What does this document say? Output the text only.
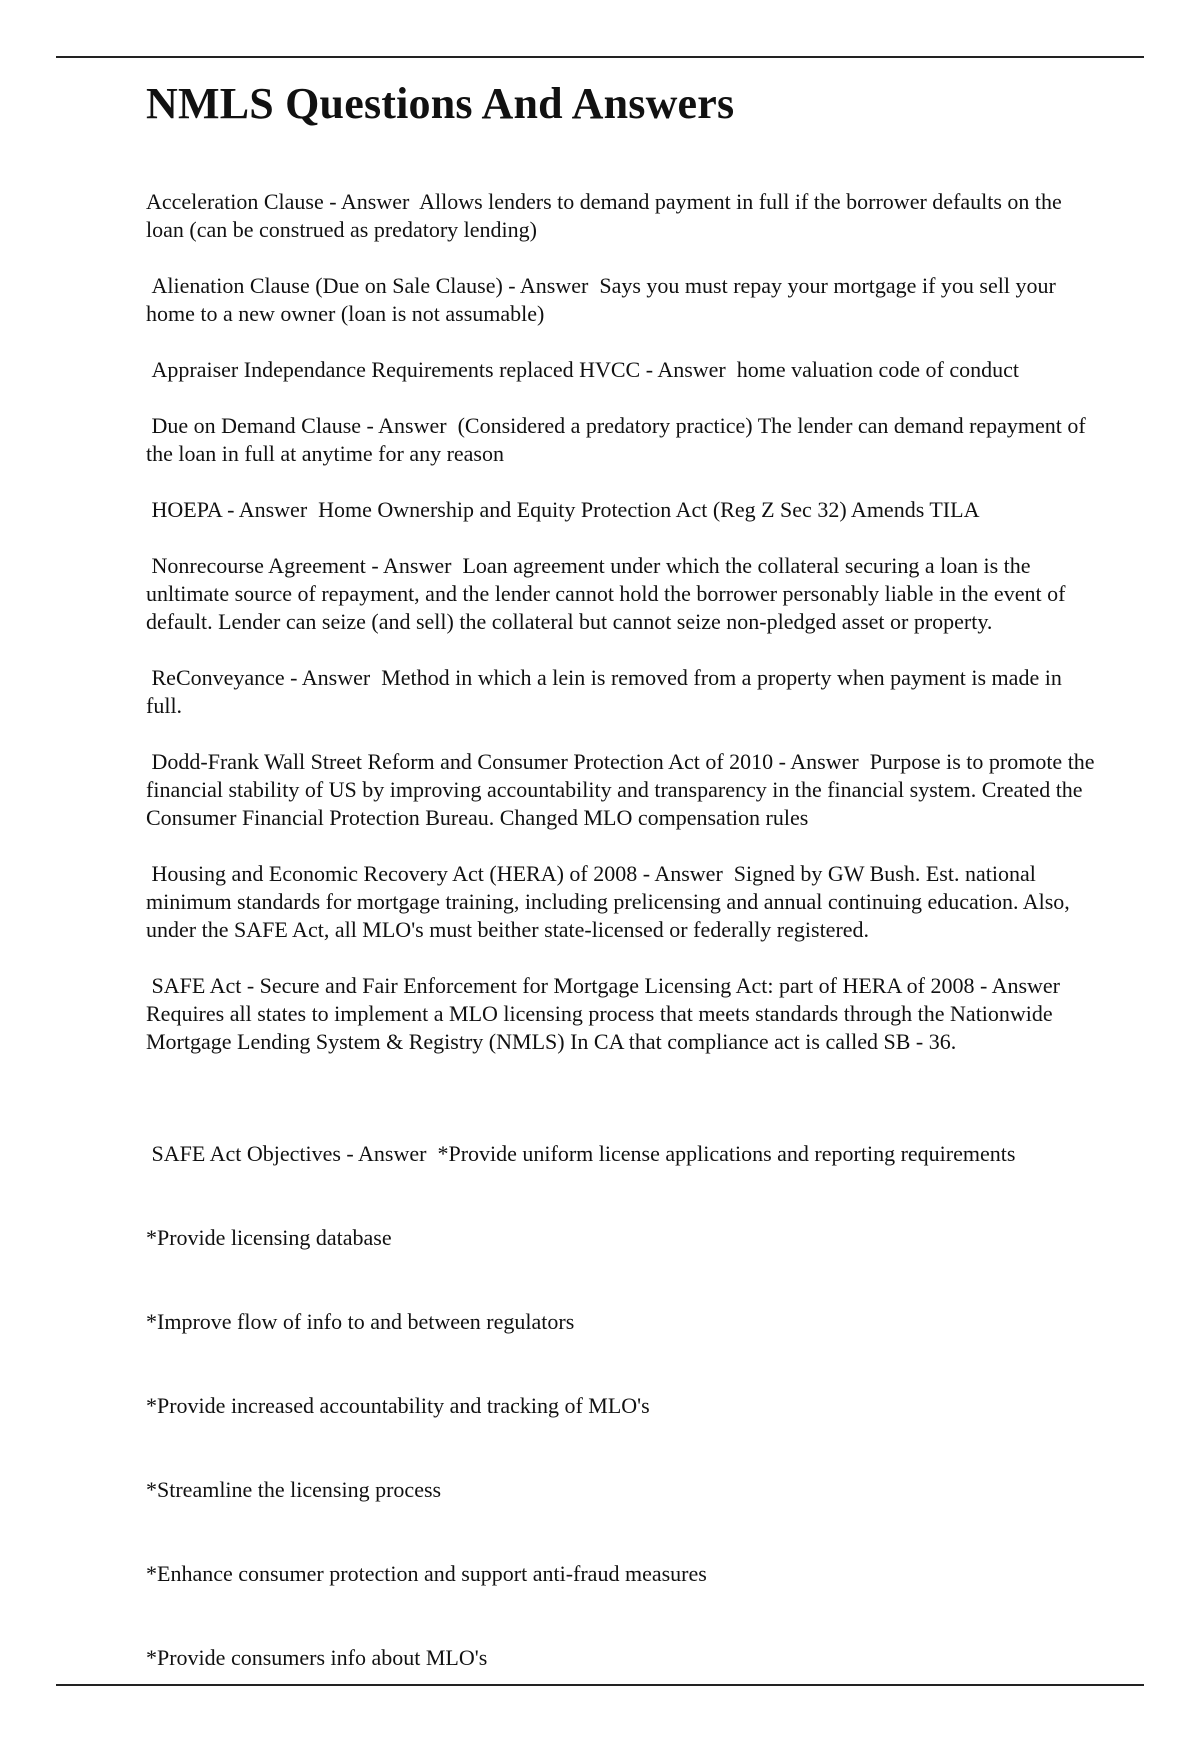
NMLS Questions And Answers

Acceleration Clause - Answer  Allows lenders to demand payment in full if the borrower defaults on the loan (can be construed as predatory lending)

Alienation Clause (Due on Sale Clause) - Answer  Says you must repay your mortgage if you sell your home to a new owner (loan is not assumable)

Appraiser Independance Requirements replaced HVCC - Answer  home valuation code of conduct

Due on Demand Clause - Answer  (Considered a predatory practice) The lender can demand repayment of the loan in full at anytime for any reason

HOEPA - Answer  Home Ownership and Equity Protection Act (Reg Z Sec 32) Amends TILA

Nonrecourse Agreement - Answer  Loan agreement under which the collateral securing a loan is the unltimate source of repayment, and the lender cannot hold the borrower personably liable in the event of default. Lender can seize (and sell) the collateral but cannot seize non-pledged asset or property.

ReConveyance - Answer  Method in which a lein is removed from a property when payment is made in full.

Dodd-Frank Wall Street Reform and Consumer Protection Act of 2010 - Answer  Purpose is to promote the financial stability of US by improving accountability and transparency in the financial system. Created the Consumer Financial Protection Bureau. Changed MLO compensation rules

Housing and Economic Recovery Act (HERA) of 2008 - Answer  Signed by GW Bush. Est. national minimum standards for mortgage training, including prelicensing and annual continuing education. Also, under the SAFE Act, all MLO's must beither state-licensed or federally registered.

SAFE Act - Secure and Fair Enforcement for Mortgage Licensing Act: part of HERA of 2008 - Answer  Requires all states to implement a MLO licensing process that meets standards through the Nationwide Mortgage Lending System & Registry (NMLS) In CA that compliance act is called SB - 36.

SAFE Act Objectives - Answer  *Provide uniform license applications and reporting requirements

*Provide licensing database

*Improve flow of info to and between regulators

*Provide increased accountability and tracking of MLO's

*Streamline the licensing process

*Enhance consumer protection and support anti-fraud measures

*Provide consumers info about MLO's
